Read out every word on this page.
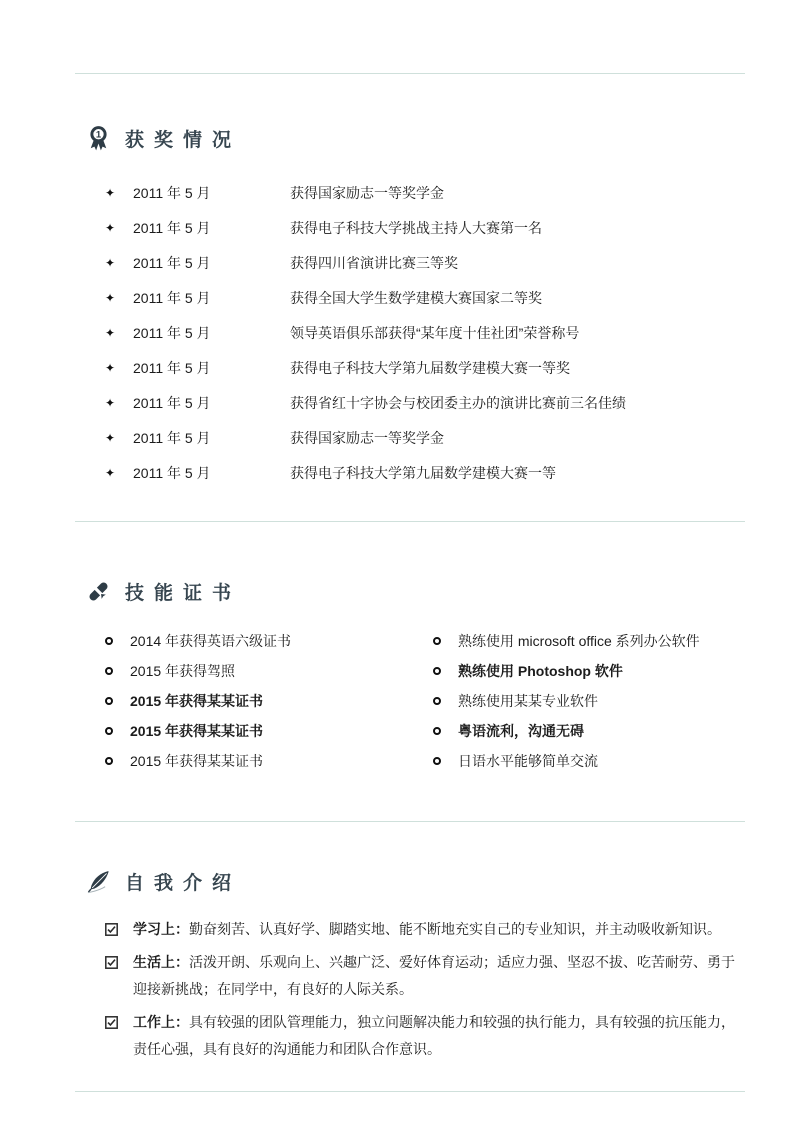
1 获奖情况
✦	2011 年 5 月	获得国家励志一等奖学金
✦	2011 年 5 月	获得电子科技大学挑战主持人大赛第一名
✦	2011 年 5 月	获得四川省演讲比赛三等奖
✦	2011 年 5 月	获得全国大学生数学建模大赛国家二等奖
✦	2011 年 5 月	领导英语俱乐部获得“某年度十佳社团”荣誉称号
✦	2011 年 5 月	获得电子科技大学第九届数学建模大赛一等奖
✦	2011 年 5 月	获得省红十字协会与校团委主办的演讲比赛前三名佳绩
✦	2011 年 5 月	获得国家励志一等奖学金
✦	2011 年 5 月	获得电子科技大学第九届数学建模大赛一等
技能证书
2014 年获得英语六级证书
2015 年获得驾照
2015 年获得某某证书
2015 年获得某某证书
2015 年获得某某证书
熟练使用 microsoft office 系列办公软件
熟练使用 Photoshop 软件
熟练使用某某专业软件
粤语流利，沟通无碍
日语水平能够简单交流
自我介绍

学习上：勤奋刻苦、认真好学、脚踏实地、能不断地充实自己的专业知识，并主动吸收新知识。

生活上：活泼开朗、乐观向上、兴趣广泛、爱好体育运动；适应力强、坚忍不拔、吃苦耐劳、勇于迎接新挑战；在同学中，有良好的人际关系。

工作上：具有较强的团队管理能力，独立问题解决能力和较强的执行能力，具有较强的抗压能力，责任心强，具有良好的沟通能力和团队合作意识。
